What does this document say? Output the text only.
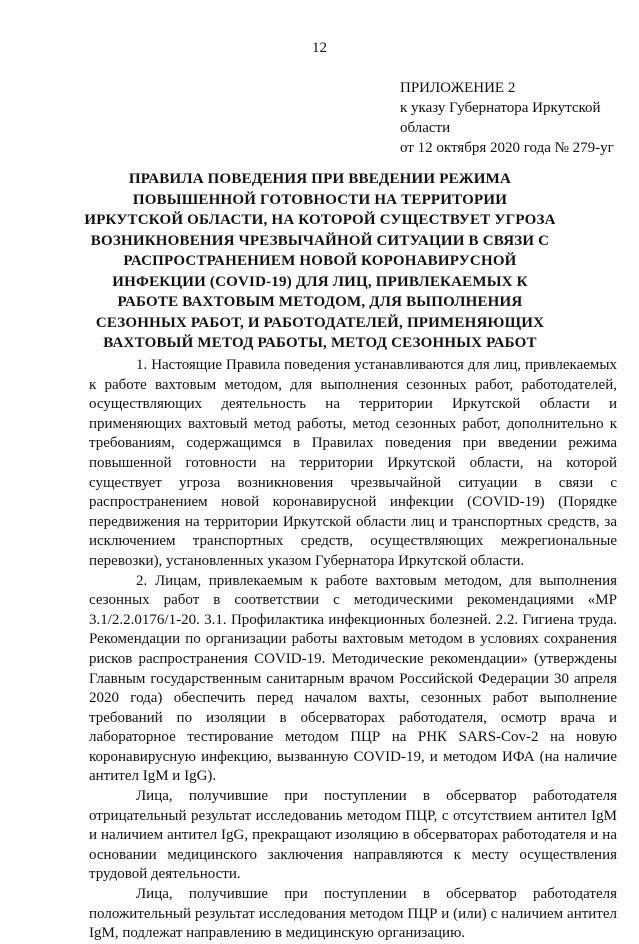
12
ПРИЛОЖЕНИЕ 2
к указу Губернатора Иркутской
области
от 12 октября 2020 года № 279-уг
ПРАВИЛА ПОВЕДЕНИЯ ПРИ ВВЕДЕНИИ РЕЖИМА ПОВЫШЕННОЙ ГОТОВНОСТИ НА ТЕРРИТОРИИ ИРКУТСКОЙ ОБЛАСТИ, НА КОТОРОЙ СУЩЕСТВУЕТ УГРОЗА ВОЗНИКНОВЕНИЯ ЧРЕЗВЫЧАЙНОЙ СИТУАЦИИ В СВЯЗИ С РАСПРОСТРАНЕНИЕМ НОВОЙ КОРОНАВИРУСНОЙ ИНФЕКЦИИ (COVID-19) ДЛЯ ЛИЦ, ПРИВЛЕКАЕМЫХ К РАБОТЕ ВАХТОВЫМ МЕТОДОМ, ДЛЯ ВЫПОЛНЕНИЯ СЕЗОННЫХ РАБОТ, И РАБОТОДАТЕЛЕЙ, ПРИМЕНЯЮЩИХ ВАХТОВЫЙ МЕТОД РАБОТЫ, МЕТОД СЕЗОННЫХ РАБОТ

1. Настоящие Правила поведения устанавливаются для лиц, привлекаемых к работе вахтовым методом, для выполнения сезонных работ, работодателей, осуществляющих деятельность на территории Иркутской области и применяющих вахтовый метод работы, метод сезонных работ, дополнительно к требованиям, содержащимся в Правилах поведения при введении режима повышенной готовности на территории Иркутской области, на которой существует угроза возникновения чрезвычайной ситуации в связи с распространением новой коронавирусной инфекции (COVID-19) (Порядке передвижения на территории Иркутской области лиц и транспортных средств, за исключением транспортных средств, осуществляющих межрегиональные перевозки), установленных указом Губернатора Иркутской области.

2. Лицам, привлекаемым к работе вахтовым методом, для выполнения сезонных работ в соответствии с методическими рекомендациями «МР 3.1/2.2.0176/1-20. 3.1. Профилактика инфекционных болезней. 2.2. Гигиена труда. Рекомендации по организации работы вахтовым методом в условиях сохранения рисков распространения COVID-19. Методические рекомендации» (утверждены Главным государственным санитарным врачом Российской Федерации 30 апреля 2020 года) обеспечить перед началом вахты, сезонных работ выполнение требований по изоляции в обсерваторах работодателя, осмотр врача и лабораторное тестирование методом ПЦР на РНК SARS-Cov-2 на новую коронавирусную инфекцию, вызванную COVID-19, и методом ИФА (на наличие антител IgM и IgG).

Лица, получившие при поступлении в обсерватор работодателя отрицательный результат исследованиь методом ПЦР, с отсутствием антител IgM и наличием антител IgG, прекращают изоляцию в обсерваторах работодателя и на основании медицинского заключения направляются к месту осуществления трудовой деятельности.

Лица, получившие при поступлении в обсерватор работодателя положительный результат исследования методом ПЦР и (или) с наличием антител IgM, подлежат направлению в медицинскую организацию.
